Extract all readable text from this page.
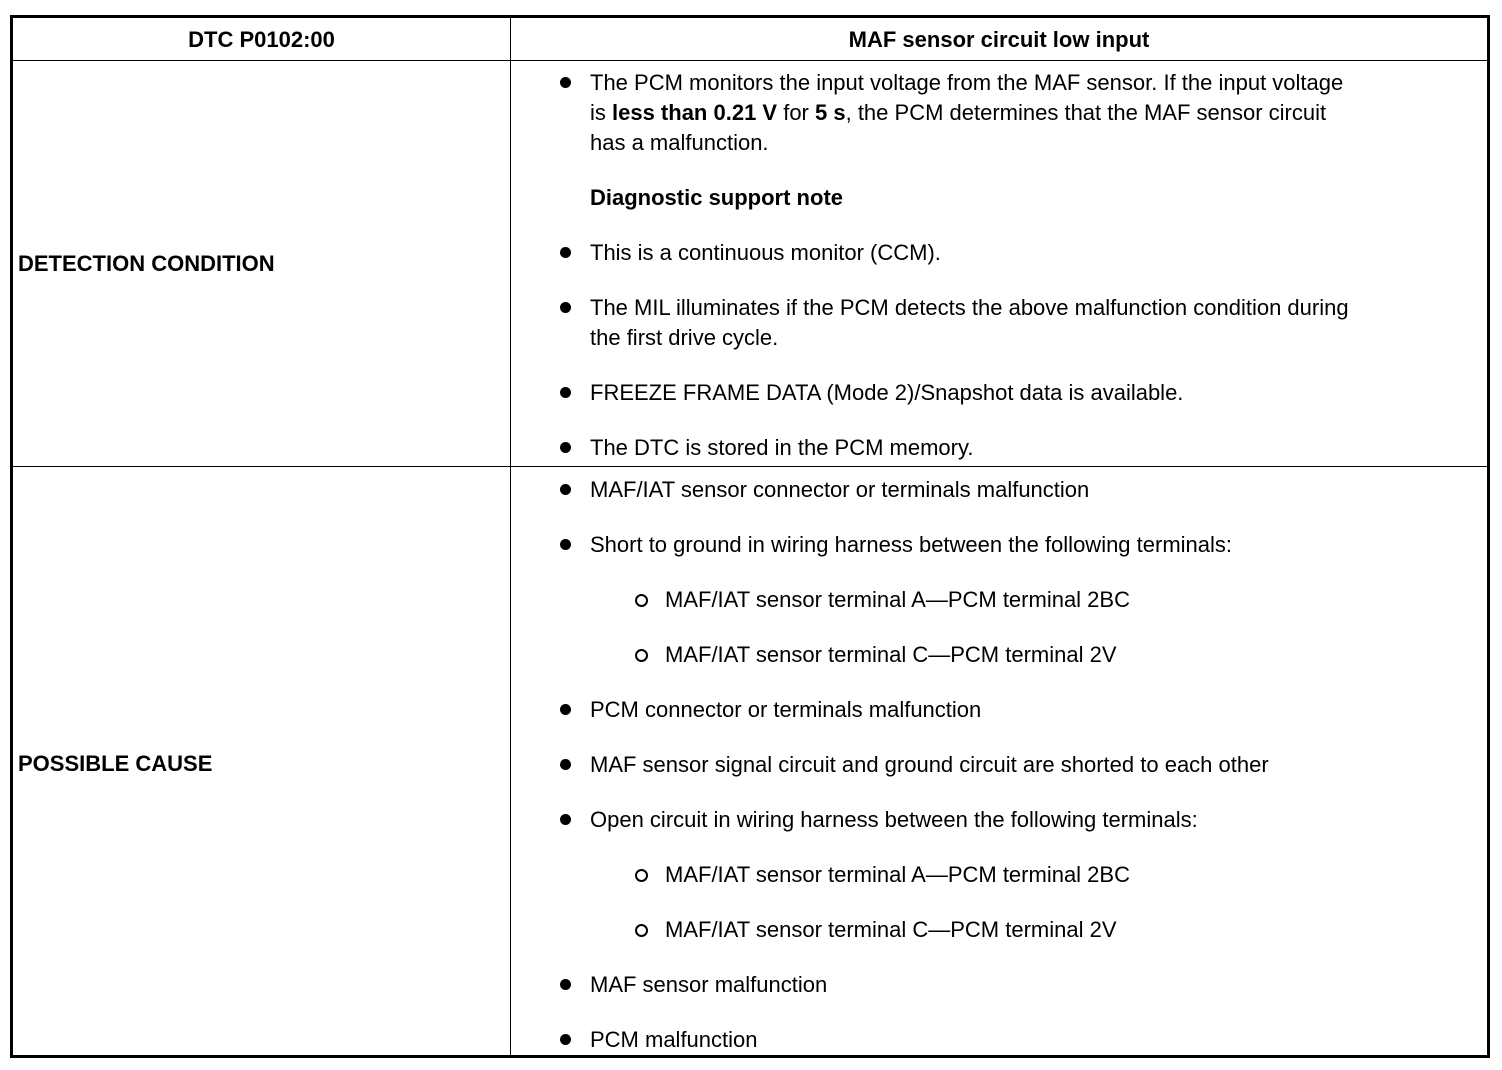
DTC P0102:00	MAF sensor circuit low input
DETECTION CONDITION
POSSIBLE CAUSE
The PCM monitors the input voltage from the MAF sensor. If the input voltage
is less than 0.21 V for 5 s, the PCM determines that the MAF sensor circuit
has a malfunction.
Diagnostic support note
This is a continuous monitor (CCM).
The MIL illuminates if the PCM detects the above malfunction condition during
the first drive cycle.
FREEZE FRAME DATA (Mode 2)/Snapshot data is available.
The DTC is stored in the PCM memory.
MAF/IAT sensor connector or terminals malfunction
Short to ground in wiring harness between the following terminals:
MAF/IAT sensor terminal A—PCM terminal 2BC
MAF/IAT sensor terminal C—PCM terminal 2V
PCM connector or terminals malfunction
MAF sensor signal circuit and ground circuit are shorted to each other
Open circuit in wiring harness between the following terminals:
MAF/IAT sensor terminal A—PCM terminal 2BC
MAF/IAT sensor terminal C—PCM terminal 2V
MAF sensor malfunction
PCM malfunction
